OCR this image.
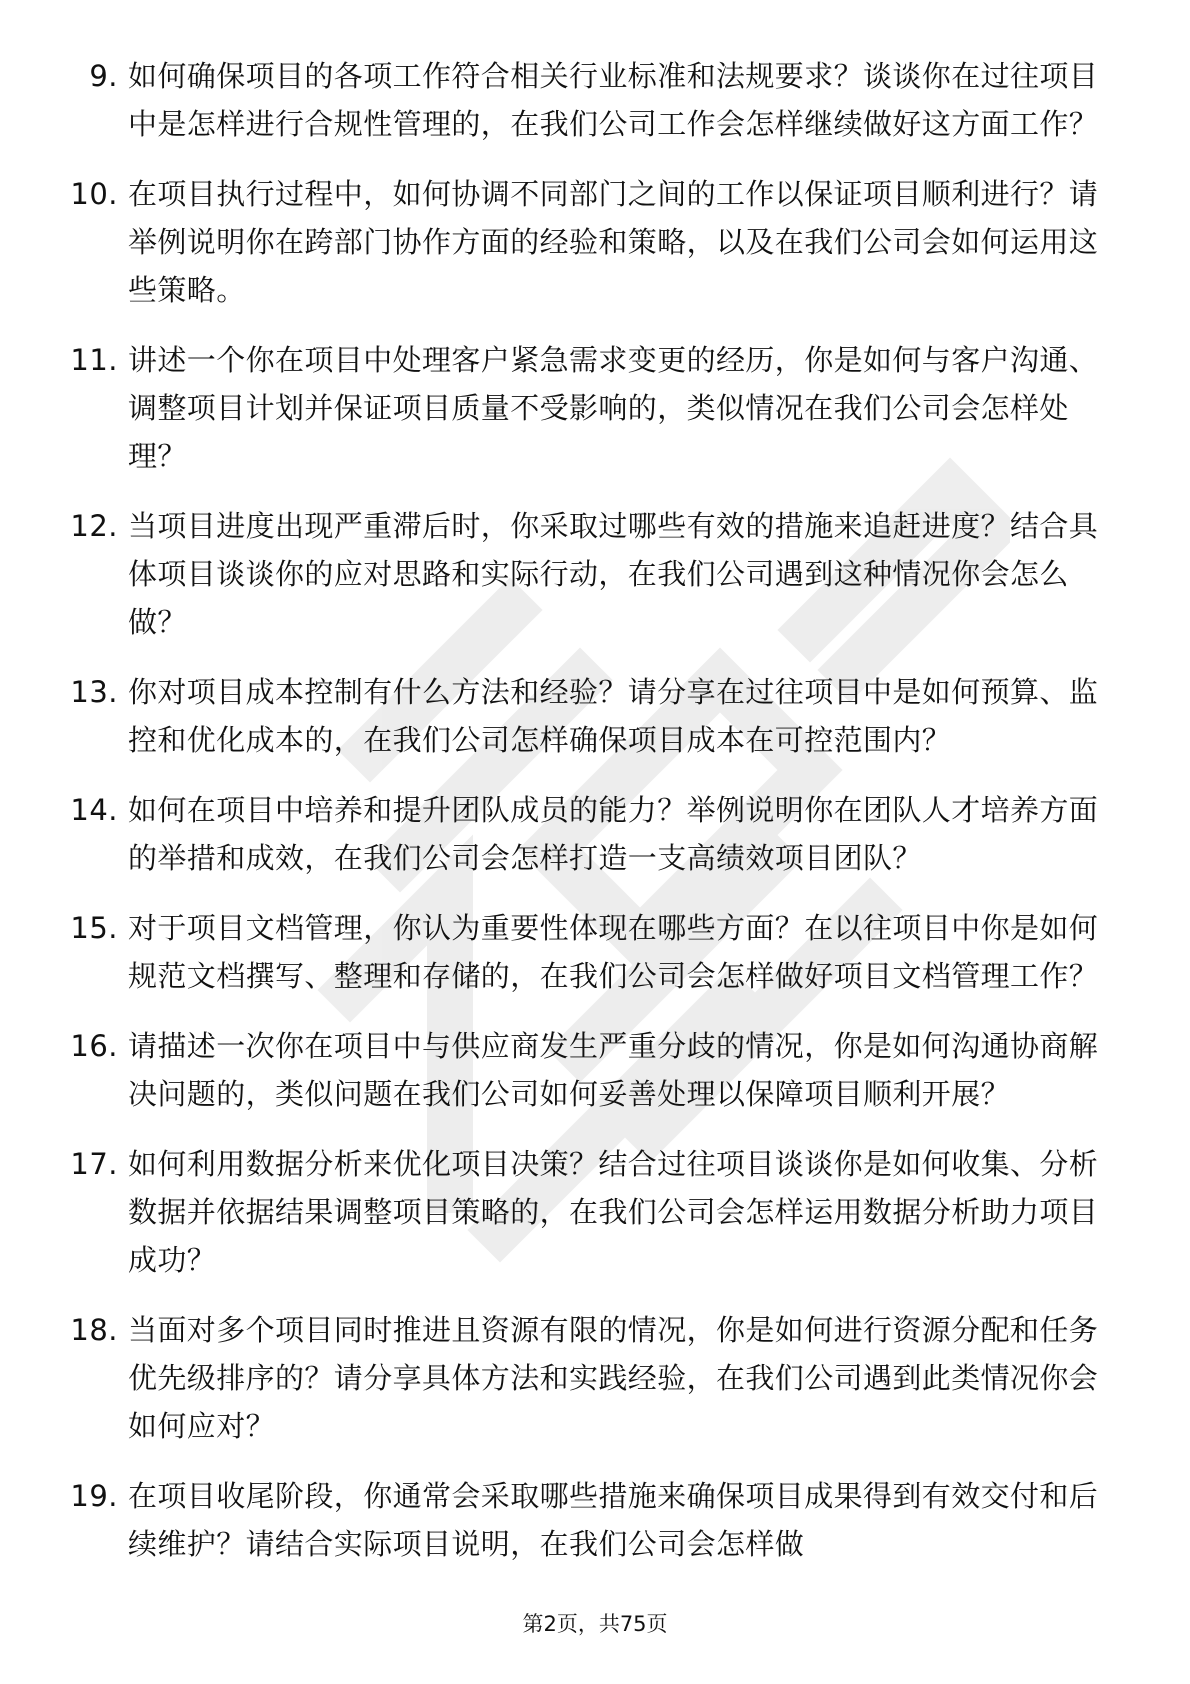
9. 如何确保项目的各项工作符合相关行业标准和法规要求？谈谈你在过往项目中是怎样进行合规性管理的，在我们公司工作会怎样继续做好这方面工作？
10. 在项目执行过程中，如何协调不同部门之间的工作以保证项目顺利进行？请举例说明你在跨部门协作方面的经验和策略，以及在我们公司会如何运用这些策略。
11. 讲述一个你在项目中处理客户紧急需求变更的经历，你是如何与客户沟通、调整项目计划并保证项目质量不受影响的，类似情况在我们公司会怎样处理？
12. 当项目进度出现严重滞后时，你采取过哪些有效的措施来追赶进度？结合具体项目谈谈你的应对思路和实际行动，在我们公司遇到这种情况你会怎么做？
13. 你对项目成本控制有什么方法和经验？请分享在过往项目中是如何预算、监控和优化成本的，在我们公司怎样确保项目成本在可控范围内？
14. 如何在项目中培养和提升团队成员的能力？举例说明你在团队人才培养方面的举措和成效，在我们公司会怎样打造一支高绩效项目团队？
15. 对于项目文档管理，你认为重要性体现在哪些方面？在以往项目中你是如何规范文档撰写、整理和存储的，在我们公司会怎样做好项目文档管理工作？
16. 请描述一次你在项目中与供应商发生严重分歧的情况，你是如何沟通协商解决问题的，类似问题在我们公司如何妥善处理以保障项目顺利开展？
17. 如何利用数据分析来优化项目决策？结合过往项目谈谈你是如何收集、分析数据并依据结果调整项目策略的，在我们公司会怎样运用数据分析助力项目成功？
18. 当面对多个项目同时推进且资源有限的情况，你是如何进行资源分配和任务优先级排序的？请分享具体方法和实践经验，在我们公司遇到此类情况你会如何应对？
19. 在项目收尾阶段，你通常会采取哪些措施来确保项目成果得到有效交付和后续维护？请结合实际项目说明，在我们公司会怎样做
第2页，共75页
